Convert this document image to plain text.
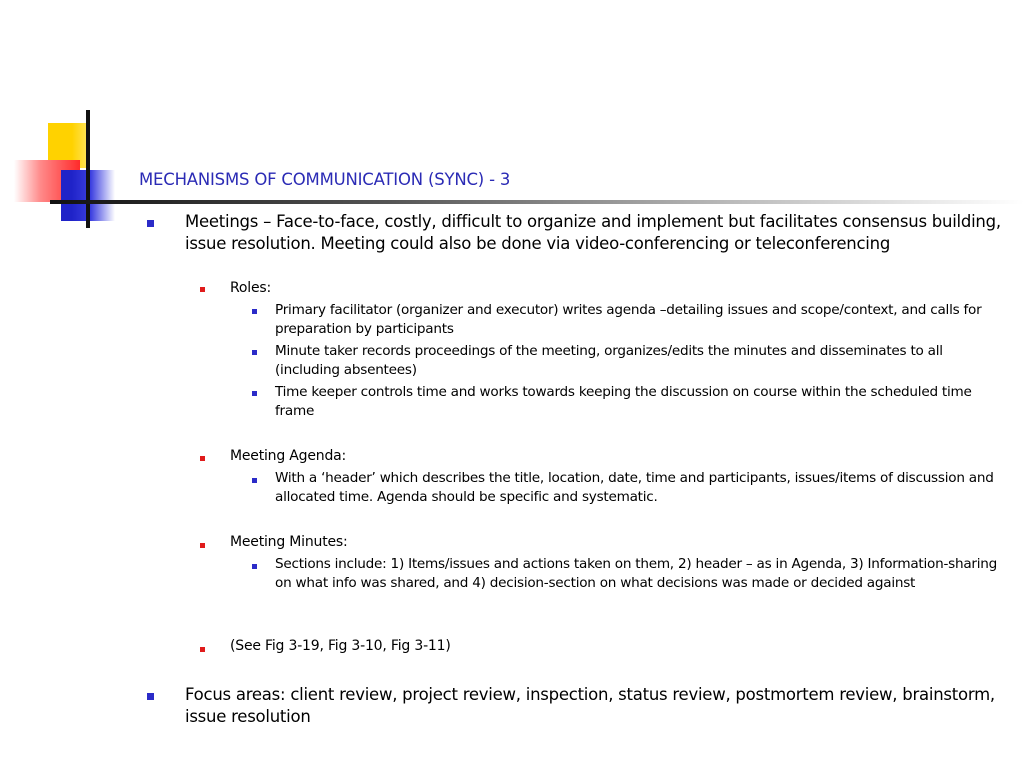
MECHANISMS OF COMMUNICATION (SYNC) - 3
Meetings – Face-to-face, costly, difficult to organize and implement but facilitates consensus building, issue resolution. Meeting could also be done via video-conferencing or teleconferencing
Roles:
Primary facilitator (organizer and executor) writes agenda –detailing issues and scope/context, and calls for preparation by participants
Minute taker records proceedings of the meeting, organizes/edits the minutes and disseminates to all (including absentees)
Time keeper controls time and works towards keeping the discussion on course within the scheduled time frame
Meeting Agenda:
With a ‘header’ which describes the title, location, date, time and participants, issues/items of discussion and allocated time. Agenda should be specific and systematic.
Meeting Minutes:
Sections include: 1) Items/issues and actions taken on them, 2) header – as in Agenda, 3) Information-sharing on what info was shared, and 4) decision-section on what decisions was made or decided against
(See Fig 3-19, Fig 3-10, Fig 3-11)
Focus areas: client review, project review, inspection, status review, postmortem review, brainstorm, issue resolution
